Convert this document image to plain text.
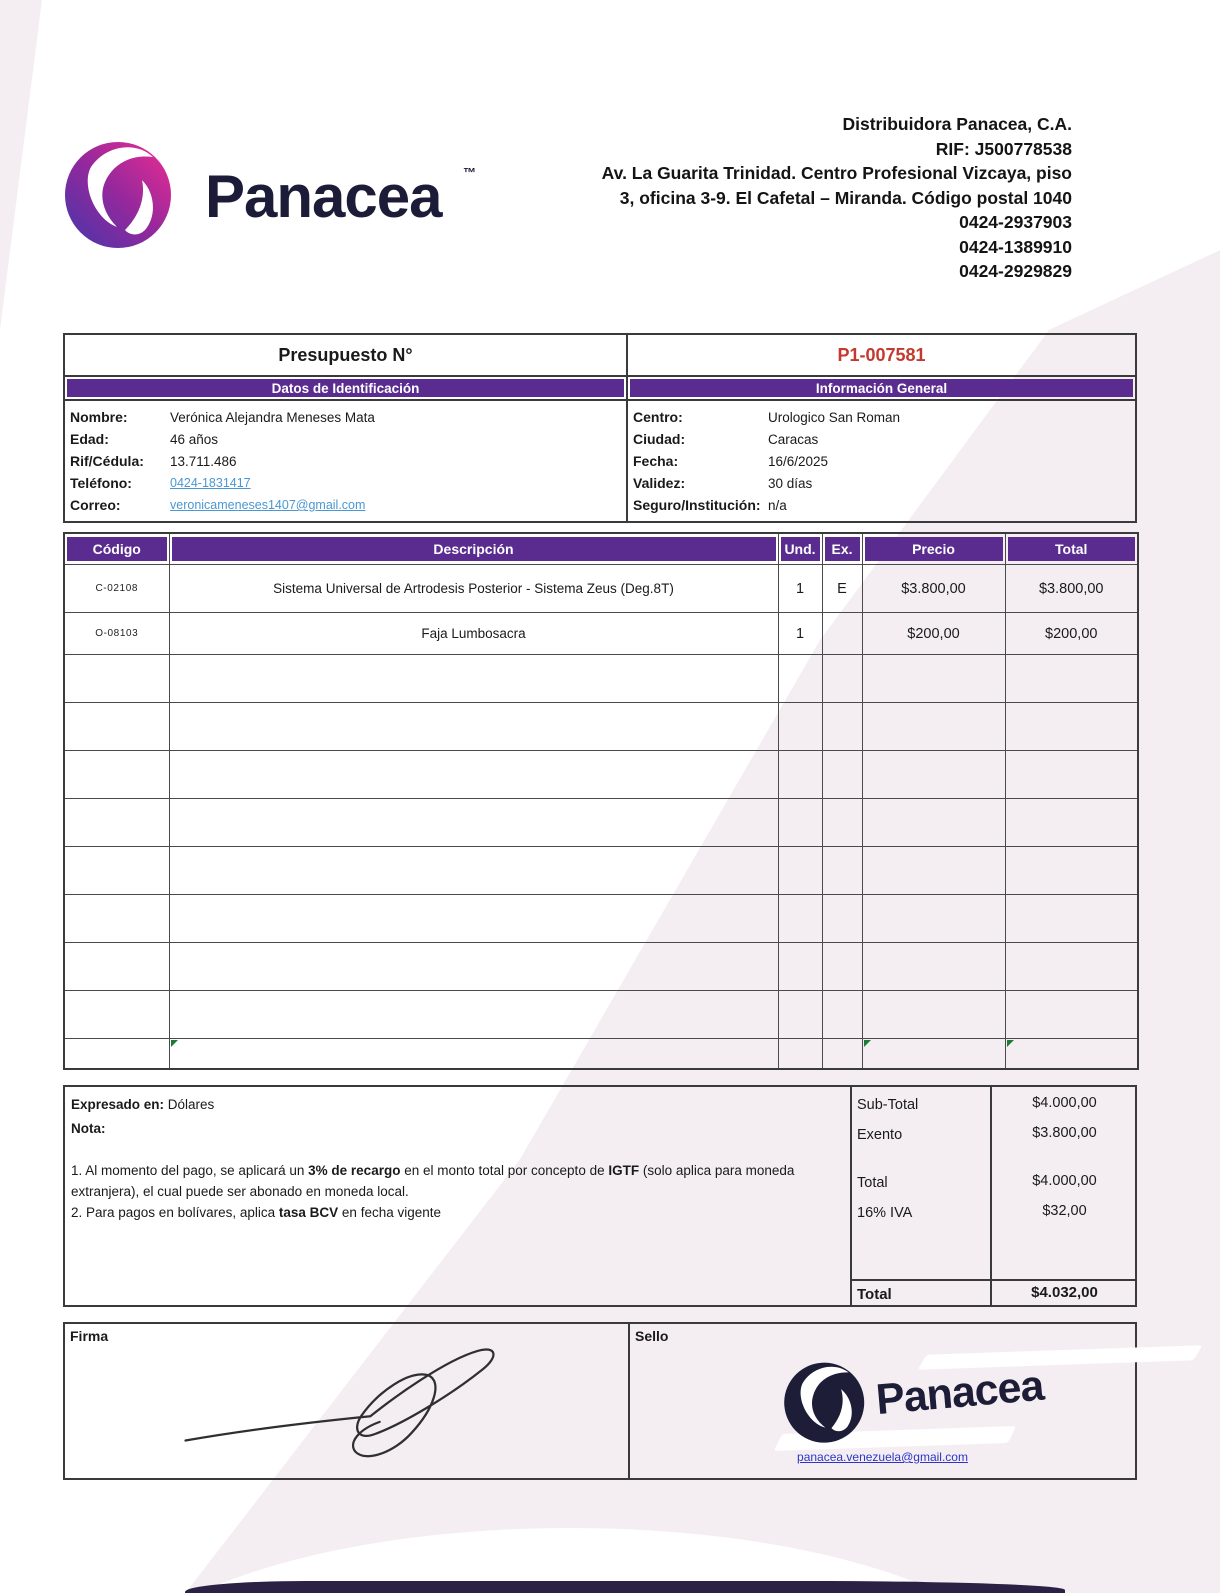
Panacea ™
Distribuidora Panacea, C.A.
RIF: J500778538
Av. La Guarita Trinidad. Centro Profesional Vizcaya, piso
3, oficina 3-9. El Cafetal – Miranda. Código postal 1040
0424-2937903
0424-1389910
0424-2929829
Presupuesto N°	P1-007581
Datos de Identificación	Información General
Nombre:	Verónica Alejandra Meneses Mata
Edad:	46 años
Rif/Cédula:	13.711.486
Teléfono:	0424-1831417
Correo:	veronicameneses1407@gmail.com
Centro:	Urologico San Roman
Ciudad:	Caracas
Fecha:	16/6/2025
Validez:	30 días
Seguro/Institución: n/a
Código	Descripción	Und.	Ex.	Precio	Total

C-02108	Sistema Universal de Artrodesis Posterior - Sistema Zeus (Deg.8T)	1	E	$3.800,00	$3.800,00
O-08103	Faja Lumbosacra	1		$200,00	$200,00

Expresado en: Dólares
Nota:
1. Al momento del pago, se aplicará un 3% de recargo en el monto total por concepto de IGTF (solo aplica para moneda extranjera), el cual puede ser abonado en moneda local.
2. Para pagos en bolívares, aplica tasa BCV en fecha vigente
Sub-Total	$4.000,00
Exento	$3.800,00
Total	$4.000,00
16% IVA	$32,00
Total	$4.032,00
Firma	Sello
Panacea
panacea.venezuela@gmail.com
